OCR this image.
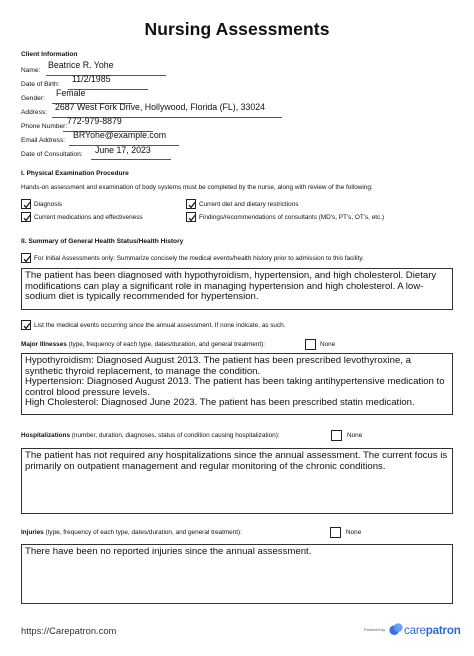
Nursing Assessments
Client Information
Name:
Beatrice R. Yohe
Date of Birth:
11/2/1985
Gender:
Female
Address:
2687 West Fork Drive, Hollywood, Florida (FL), 33024
Phone Number:
772-979-8879
Email Address:
BRYohe@example.com
Date of Consultation: June 17, 2023
I. Physical Examination Procedure
Hands-on assessment and examination of body systems must be completed by the nurse, along with review of the following:
Diagnosis	Current diet and dietary restrictions
Current medications and effectiveness	Findings/recommendations of consultants (MD's, PT's, OT's, etc.)
II. Summary of General Health Status/Health History
For Initial Assessments only: Summarize concisely the medical events/health history prior to admission to this facility.
The patient has been diagnosed with hypothyroidism, hypertension, and high cholesterol. Dietary modifications can play a significant role in managing hypertension and high cholesterol. A low-sodium diet is typically recommended for hypertension.
List the medical events occurring since the annual assessment. If none indicate, as such.
Major Illnesses (type, frequency of each type, dates/duration, and general treatment):	None
Hypothyroidism: Diagnosed August 2013. The patient has been prescribed levothyroxine, a synthetic thyroid replacement, to manage the condition.
Hypertension: Diagnosed August 2013. The patient has been taking antihypertensive medication to control blood pressure levels.
High Cholesterol: Diagnosed June 2023. The patient has been prescribed statin medication.
Hospitalizations (number, duration, diagnoses, status of condition causing hospitalization):	None
The patient has not required any hospitalizations since the annual assessment. The current focus is primarily on outpatient management and regular monitoring of the chronic conditions.
Injuries (type, frequency of each type, dates/duration, and general treatment):	None
There have been no reported injuries since the annual assessment.
https://Carepatron.com	Powered by carepatron
